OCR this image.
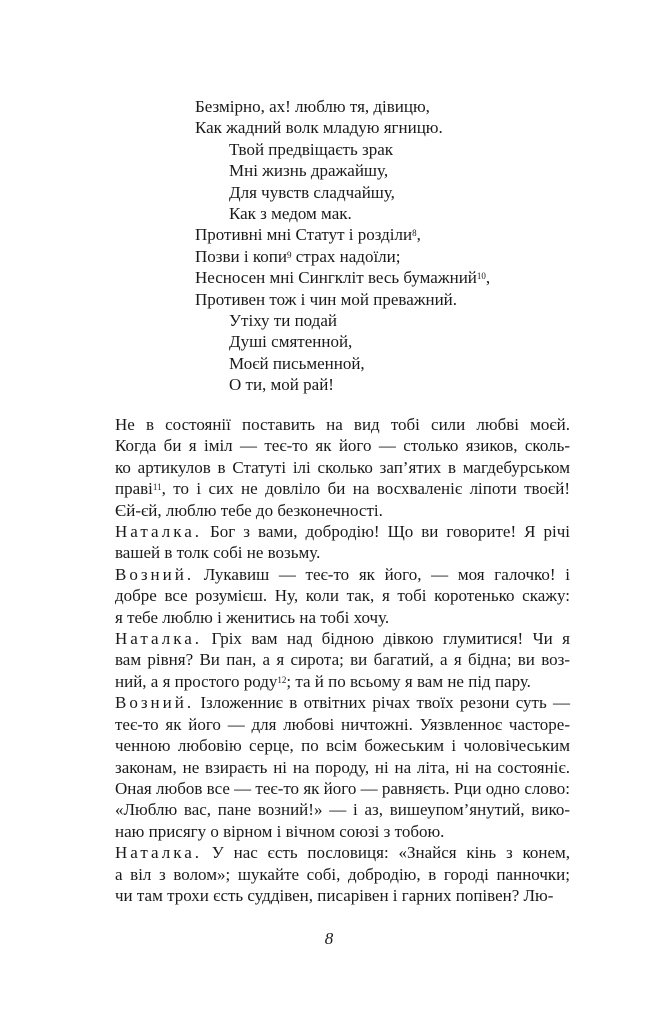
Безмірно, ах! люблю тя, дівицю,
Как жадний волк младую ягницю.
Твой предвіщаєть зрак
Мні жизнь дражайшу,
Для чувств сладчайшу,
Как з медом мак.
Противні мні Статут і розділи$^8$,
Позви і копи$^9$ страх надоїли;
Несносен мні Сингкліт весь бумажний$^{10}$,
Противен тож і чин мой преважний.
Утіху ти подай
Душі смятенной,
Моєй письменной,
О ти, мой рай!

Не в состоянії поставить на вид тобі сили любві моєй.
Когда би я іміл — теє-то як його — столько язиков, сколь-
ко артикулов в Статуті ілі сколько зап’ятих в магдебурськом
праві$^{11}$, то і сих не довліло би на восхваленіє ліпоти твоєй!
Єй-єй, люблю тебе до безконечності.

Наталка. Бог з вами, добродію! Що ви говорите! Я річі
вашей в толк собі не возьму.

Возний. Лукавиш — теє-то як його, — моя галочко! і
добре все розумієш. Ну, коли так, я тобі коротенько скажу:
я тебе люблю і женитись на тобі хочу.

Наталка. Гріх вам над бідною дівкою глумитися! Чи я
вам рівня? Ви пан, а я сирота; ви багатий, а я бідна; ви воз-
ний, а я простого роду$^{12}$; та й по всьому я вам не під пару.

Возний. Ізложенниє в отвітних річах твоїх резони суть —
теє-то як його — для любові ничтожні. Уязвленноє часторе-
ченною любовію серце, по всім божеським і чоловічеським
законам, не взираєть ні на породу, ні на літа, ні на состояніє.
Оная любов все — теє-то як його — равняєть. Рци одно слово:
«Люблю вас, пане возний!» — і аз, вишеупом’янутий, вико-
наю присягу о вірном і вічном союзі з тобою.

Наталка. У нас єсть пословиця: «Знайся кінь з конем,
а віл з волом»; шукайте собі, добродію, в городі панночки;
чи там трохи єсть суддівен, писарівен і гарних попівен? Лю-

8
